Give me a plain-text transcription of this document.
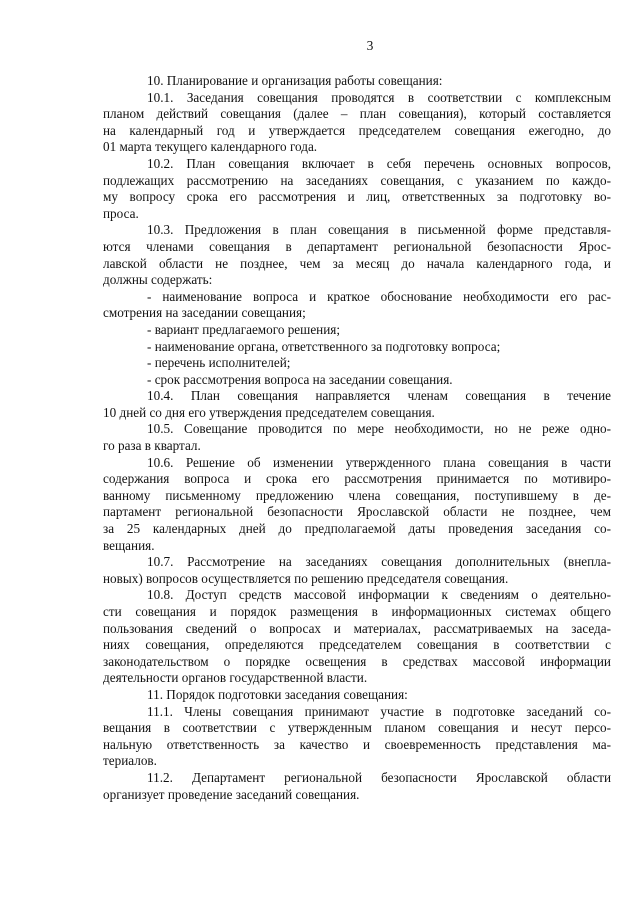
3
10. Планирование и организация работы совещания:
10.1. Заседания совещания проводятся в соответствии с комплексным
планом действий совещания (далее – план совещания), который составляется
на календарный год и утверждается председателем совещания ежегодно, до
01 марта текущего календарного года.
10.2. План совещания включает в себя перечень основных вопросов,
подлежащих рассмотрению на заседаниях совещания, с указанием по каждо-
му вопросу срока его рассмотрения и лиц, ответственных за подготовку во-
проса.
10.3. Предложения в план совещания в письменной форме представля-
ются членами совещания в департамент региональной безопасности Ярос-
лавской области не позднее, чем за месяц до начала календарного года, и
должны содержать:
- наименование вопроса и краткое обоснование необходимости его рас-
смотрения на заседании совещания;
- вариант предлагаемого решения;
- наименование органа, ответственного за подготовку вопроса;
- перечень исполнителей;
- срок рассмотрения вопроса на заседании совещания.
10.4. План совещания направляется членам совещания в течение
10 дней со дня его утверждения председателем совещания.
10.5. Совещание проводится по мере необходимости, но не реже одно-
го раза в квартал.
10.6. Решение об изменении утвержденного плана совещания в части
содержания вопроса и срока его рассмотрения принимается по мотивиро-
ванному письменному предложению члена совещания, поступившему в де-
партамент региональной безопасности Ярославской области не позднее, чем
за 25 календарных дней до предполагаемой даты проведения заседания со-
вещания.
10.7. Рассмотрение на заседаниях совещания дополнительных (внепла-
новых) вопросов осуществляется по решению председателя совещания.
10.8. Доступ средств массовой информации к сведениям о деятельно-
сти совещания и порядок размещения в информационных системах общего
пользования сведений о вопросах и материалах, рассматриваемых на заседа-
ниях совещания, определяются председателем совещания в соответствии с
законодательством о порядке освещения в средствах массовой информации
деятельности органов государственной власти.
11. Порядок подготовки заседания совещания:
11.1. Члены совещания принимают участие в подготовке заседаний со-
вещания в соответствии с утвержденным планом совещания и несут персо-
нальную ответственность за качество и своевременность представления ма-
териалов.
11.2. Департамент региональной безопасности Ярославской области
организует проведение заседаний совещания.
